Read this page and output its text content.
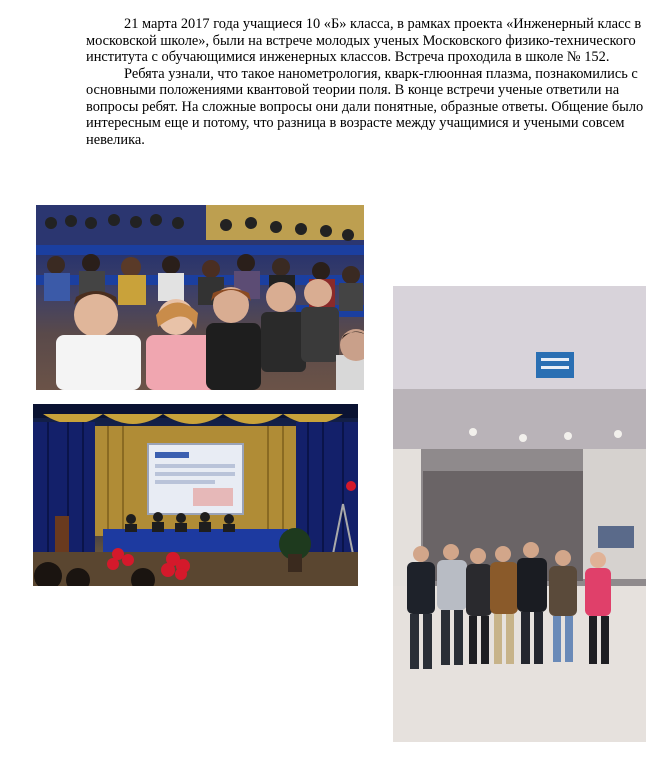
21 марта 2017 года учащиеся 10 «Б» класса, в рамках проекта «Инженерный класс в московской школе», были на встрече молодых ученых Московского физико-технического института с обучающимися инженерных классов. Встреча проходила в школе № 152.

Ребята узнали, что такое нанометрология, кварк-глюонная плазма, познакомились с основными положениями квантовой теории поля. В конце встречи ученые ответили на вопросы ребят. На сложные вопросы они дали понятные, образные ответы. Общение было интересным еще и потому, что разница в возрасте между учащимися и учеными совсем невелика.
